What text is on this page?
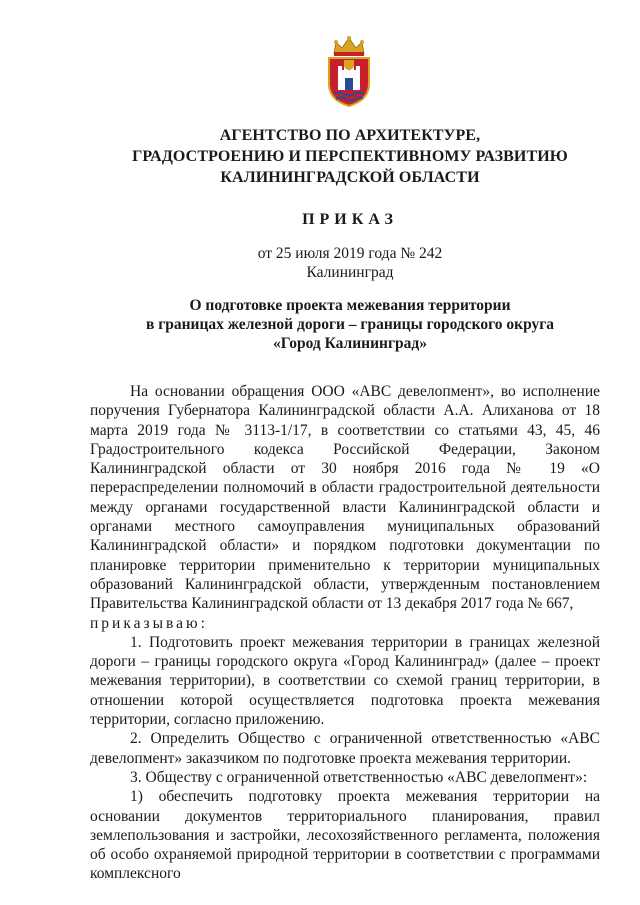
АГЕНТСТВО ПО АРХИТЕКТУРЕ,
ГРАДОСТРОЕНИЮ И ПЕРСПЕКТИВНОМУ РАЗВИТИЮ
КАЛИНИНГРАДСКОЙ ОБЛАСТИ
ПРИКАЗ
от 25 июля 2019 года № 242
Калининград
О подготовке проекта межевания территории
в границах железной дороги – границы городского округа
«Город Калининград»

На основании обращения ООО «АВС девелопмент», во исполнение поручения Губернатора Калининградской области А.А. Алиханова от 18 марта 2019 года № 3113-1/17, в соответствии со статьями 43, 45, 46 Градостроительного кодекса Российской Федерации, Законом Калининградской области от 30 ноября 2016 года № 19 «О перераспределении полномочий в области градостроительной деятельности между органами государственной власти Калининградской области и органами местного самоуправления муниципальных образований Калининградской области» и порядком подготовки документации по планировке территории применительно к территории муниципальных образований Калининградской области, утвержденным постановлением Правительства Калининградской области от 13 декабря 2017 года № 667,

приказываю:

1. Подготовить проект межевания территории в границах железной дороги – границы городского округа «Город Калининград» (далее – проект межевания территории), в соответствии со схемой границ территории, в отношении которой осуществляется подготовка проекта межевания территории, согласно приложению.

2. Определить Общество с ограниченной ответственностью «АВС девелопмент» заказчиком по подготовке проекта межевания территории.

3. Обществу с ограниченной ответственностью «АВС девелопмент»:

1) обеспечить подготовку проекта межевания территории на основании документов территориального планирования, правил землепользования и застройки, лесохозяйственного регламента, положения об особо охраняемой природной территории в соответствии с программами комплексного
